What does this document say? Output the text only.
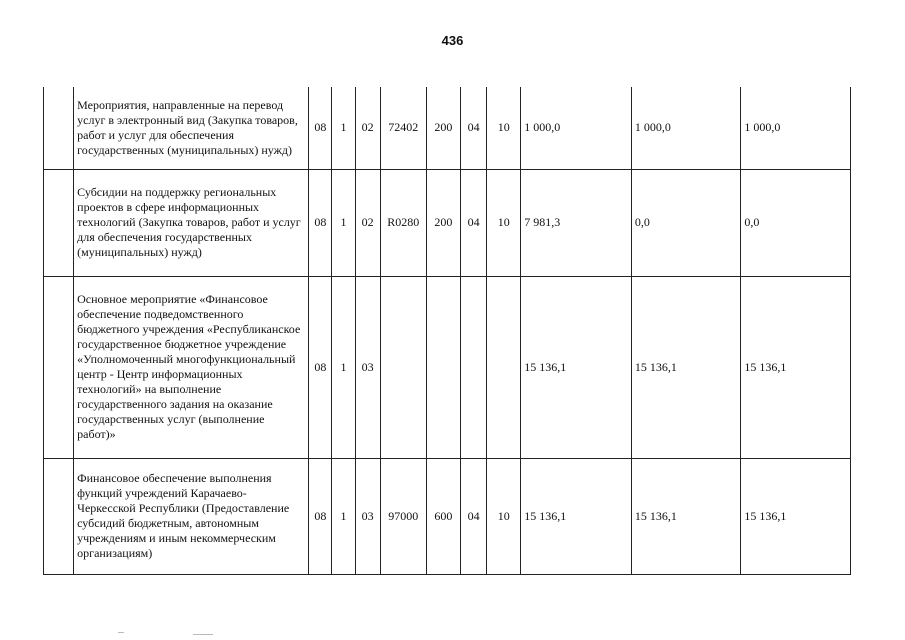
436
	Мероприятия, направленные на перевод услуг в электронный вид (Закупка товаров, работ и услуг для обеспечения государственных (муниципальных) нужд)	08	1	02	72402	200	04	10	1 000,0	1 000,0	1 000,0
	Субсидии на поддержку региональных проектов в сфере информационных технологий (Закупка товаров, работ и услуг для обеспечения государственных (муниципальных) нужд)	08	1	02	R0280	200	04	10	7 981,3	0,0	0,0
	Основное мероприятие «Финансовое обеспечение подведомственного бюджетного учреждения «Республиканское государственное бюджетное учреждение «Уполномоченный многофункциональный центр - Центр информационных технологий» на выполнение государственного задания на оказание государственных услуг (выполнение работ)»	08	1	03					15 136,1	15 136,1	15 136,1
	Финансовое обеспечение выполнения функций учреждений Карачаево-Черкесской Республики (Предоставление субсидий бюджетным, автономным учреждениям и иным некоммерческим организациям)	08	1	03	97000	600	04	10	15 136,1	15 136,1	15 136,1
